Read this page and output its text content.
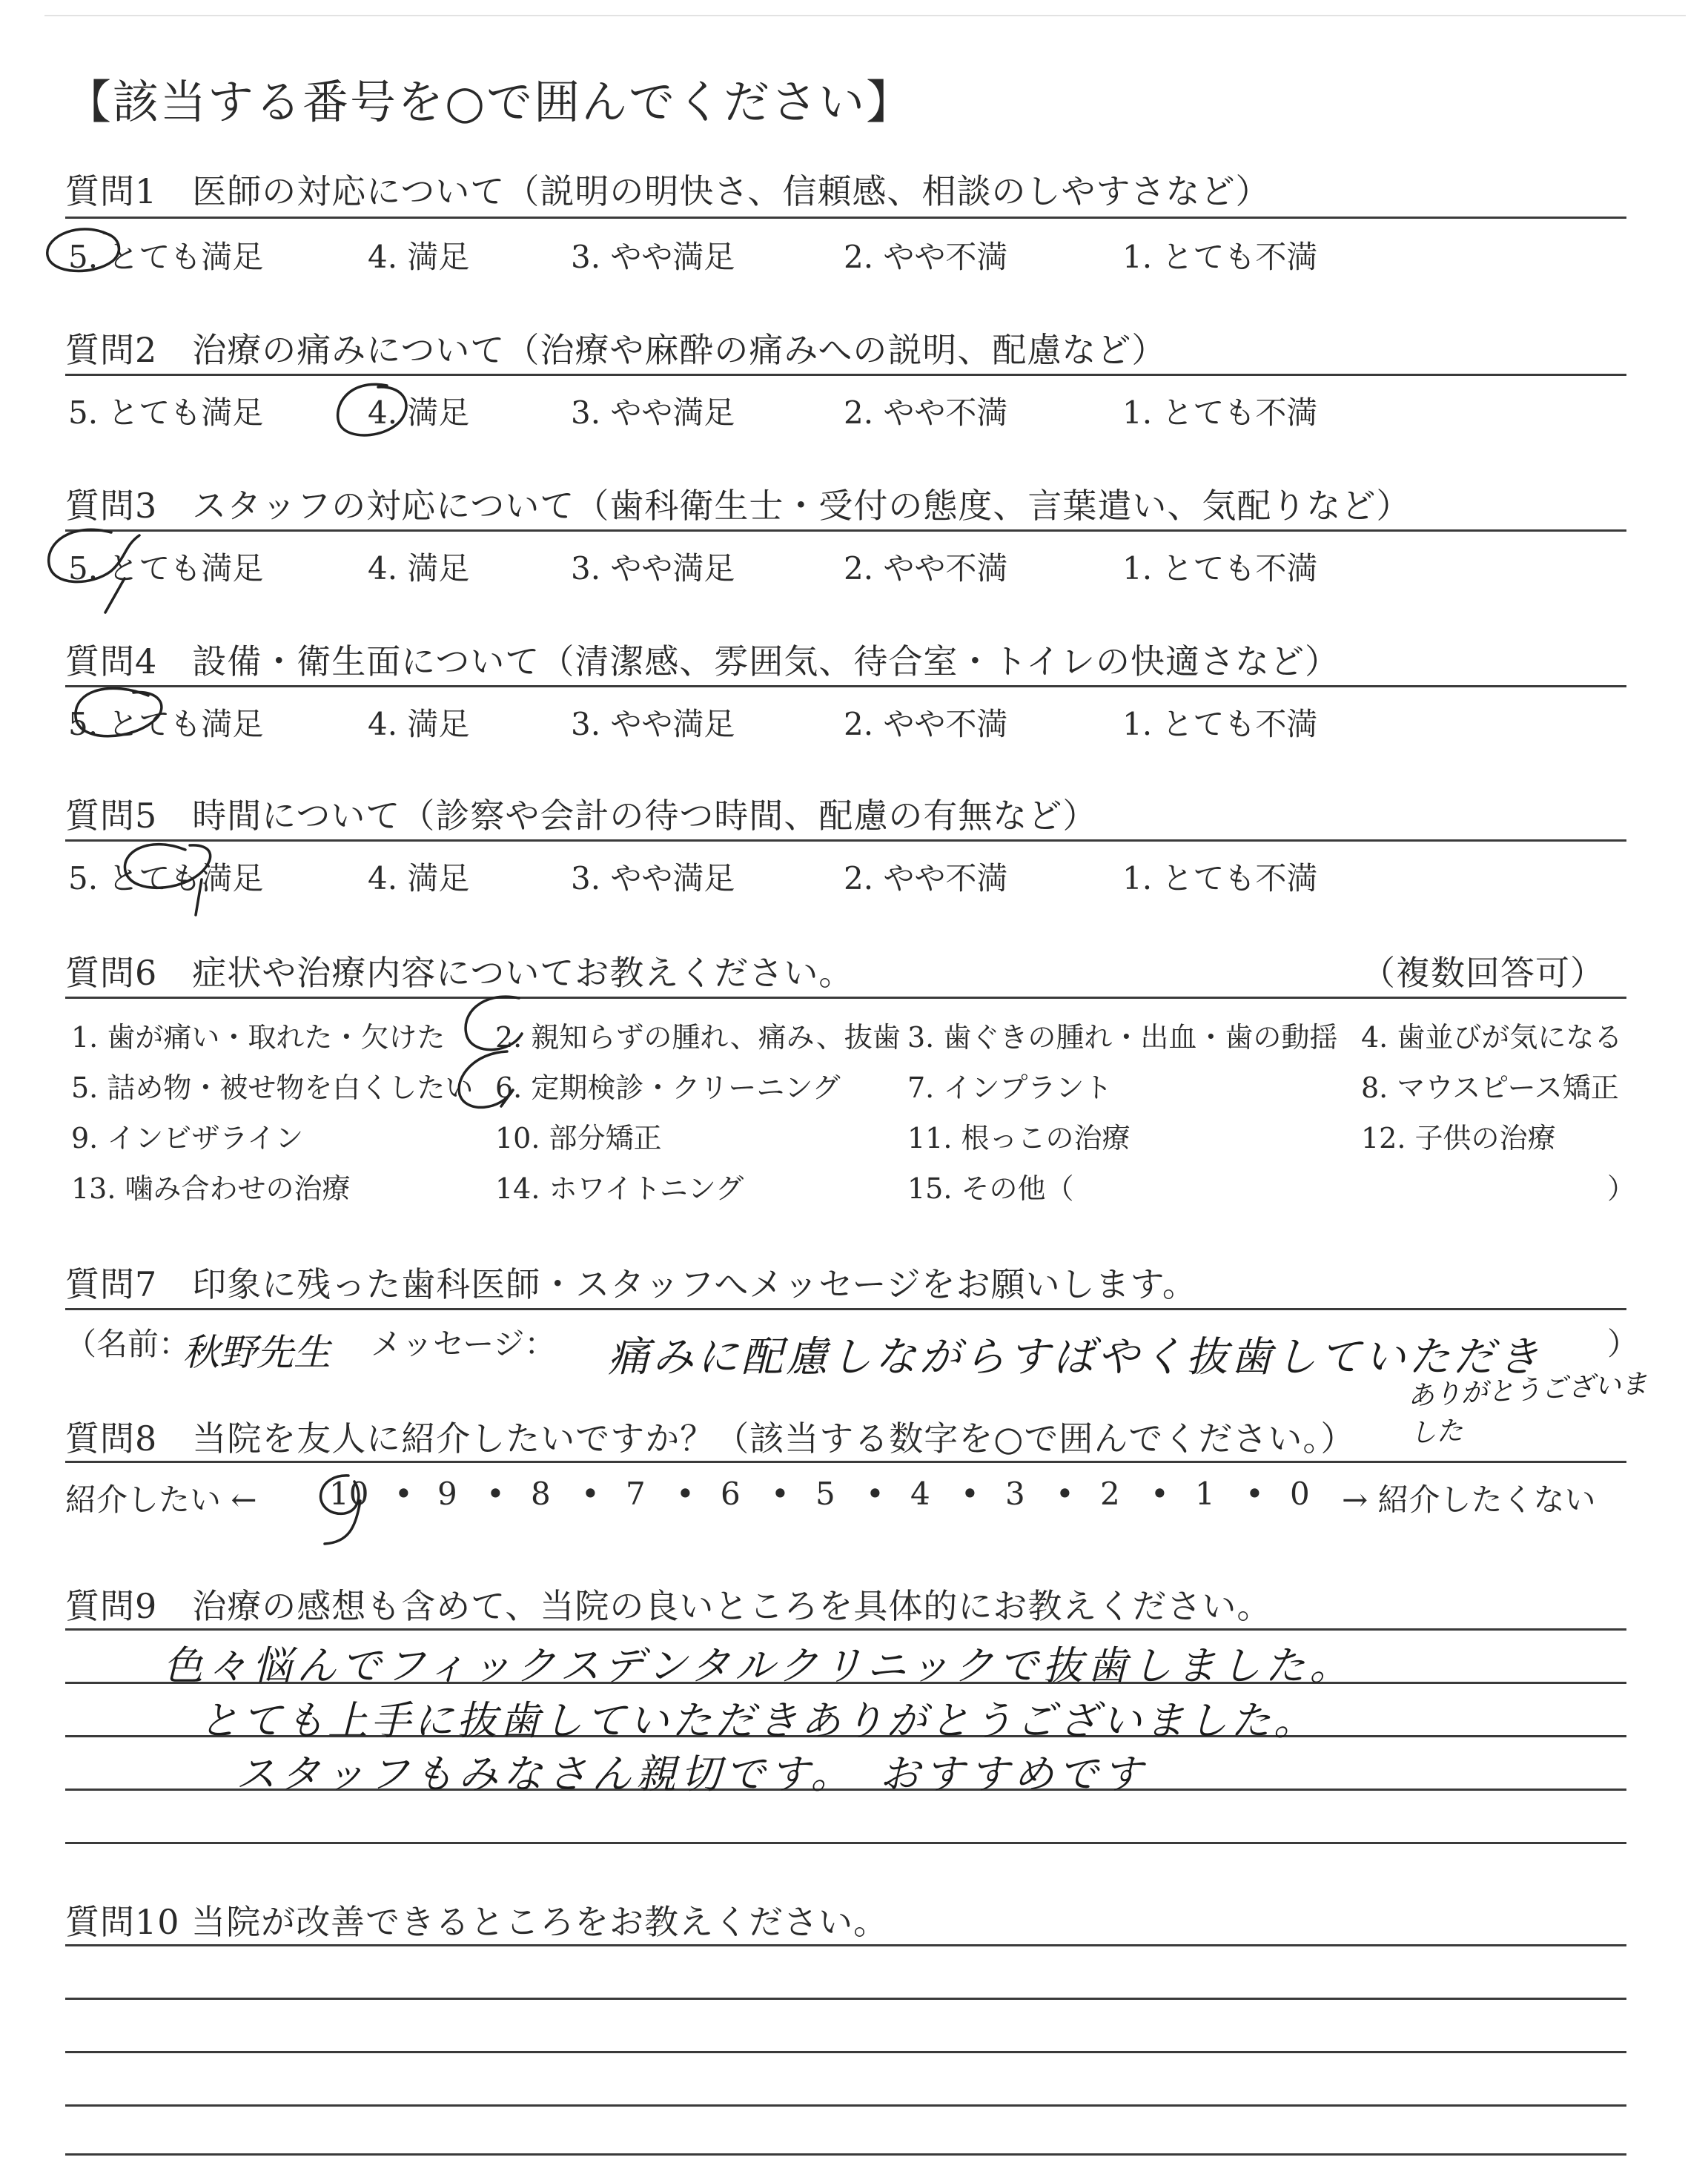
【該当する番号を○で囲んでください】
質問1　医師の対応について（説明の明快さ、信頼感、相談のしやすさなど）
5. とても満足	4. 満足	3. やや満足	2. やや不満	1. とても不満
質問2　治療の痛みについて（治療や麻酔の痛みへの説明、配慮など）
5. とても満足	4. 満足	3. やや満足	2. やや不満	1. とても不満
質問3　スタッフの対応について（歯科衛生士・受付の態度、言葉遣い、気配りなど）
5. とても満足	4. 満足	3. やや満足	2. やや不満	1. とても不満
質問4　設備・衛生面について（清潔感、雰囲気、待合室・トイレの快適さなど）
5. とても満足	4. 満足	3. やや満足	2. やや不満	1. とても不満
質問5　時間について（診察や会計の待つ時間、配慮の有無など）
5. とても満足	4. 満足	3. やや満足	2. やや不満	1. とても不満
質問6　症状や治療内容についてお教えください。	（複数回答可）
1. 歯が痛い・取れた・欠けた 2. 親知らずの腫れ、痛み、抜歯 3. 歯ぐきの腫れ・出血・歯の動揺 4. 歯並びが気になる
5. 詰め物・被せ物を白くしたい 6. 定期検診・クリーニング 7. インプラント	8. マウスピース矯正
9. インビザライン	10. 部分矯正	11. 根っこの治療	12. 子供の治療
13. 噛み合わせの治療	14. ホワイトニング	15. その他（	）
質問7　印象に残った歯科医師・スタッフへメッセージをお願いします。
（名前：
秋野先生 メッセージ： 痛みに配慮しながらすばやく抜歯していただき
ありがとうございました
）
質問8　当院を友人に紹介したいですか？（該当する数字を○で囲んでください。）
紹介したい ← 10 9 8 7 6 5 4 3 2 1 0 → 紹介したくない
• • • • • • • • • •
質問9　治療の感想も含めて、当院の良いところを具体的にお教えください。
色々悩んでフィックスデンタルクリニックで抜歯しました。
とても上手に抜歯していただきありがとうございました。
スタッフもみなさん親切です。　おすすめです
質問10 当院が改善できるところをお教えください。
